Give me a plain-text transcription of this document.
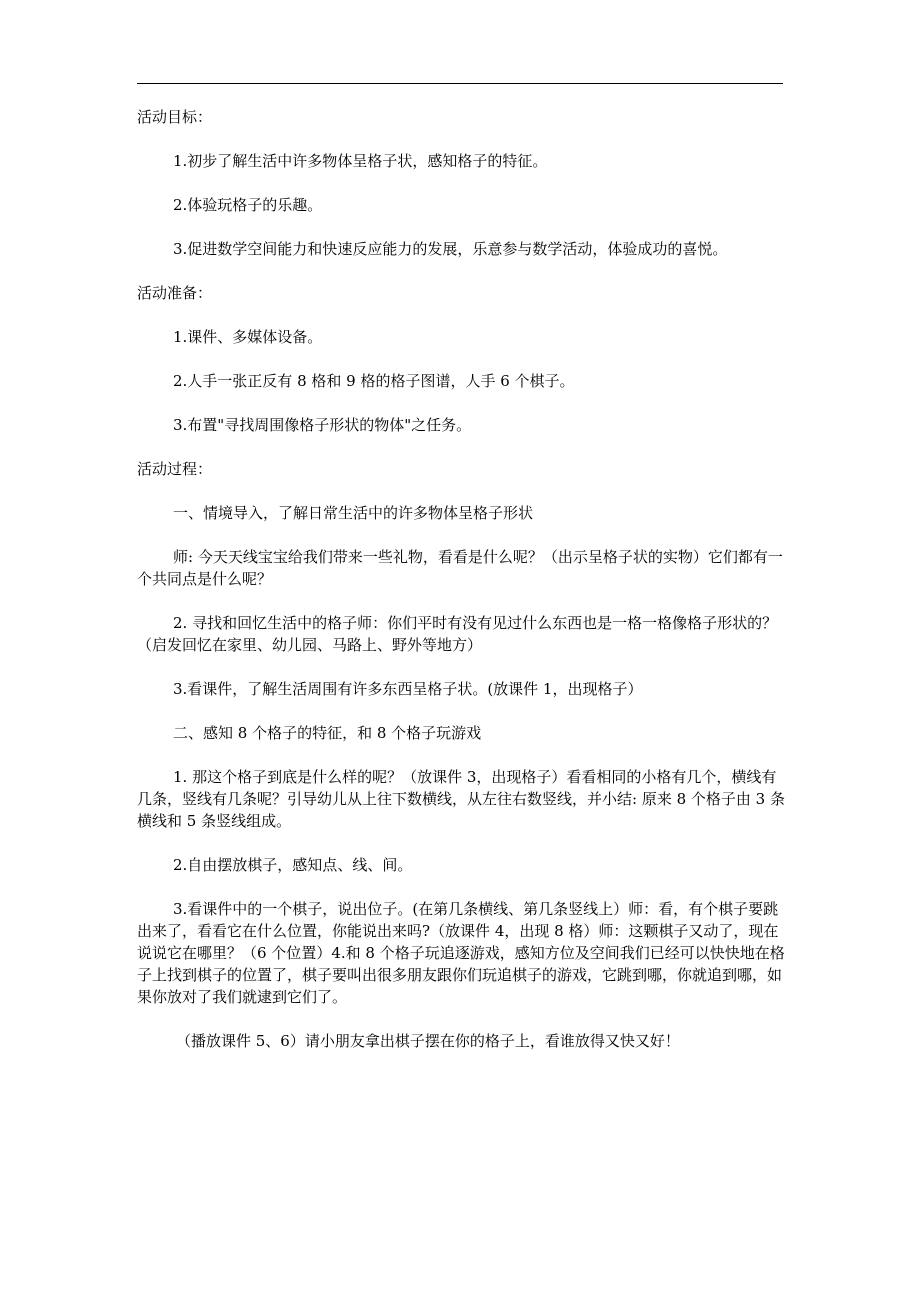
活动目标：

1.初步了解生活中许多物体呈格子状，感知格子的特征。

2.体验玩格子的乐趣。

3.促进数学空间能力和快速反应能力的发展，乐意参与数学活动，体验成功的喜悦。

活动准备：

1.课件、多媒体设备。

2.人手一张正反有 8 格和 9 格的格子图谱，人手 6 个棋子。

3.布置"寻找周围像格子形状的物体"之任务。

活动过程：

一、情境导入，了解日常生活中的许多物体呈格子形状

师: 今天天线宝宝给我们带来一些礼物，看看是什么呢？（出示呈格子状的实物）它们都有一个共同点是什么呢？

2. 寻找和回忆生活中的格子师：你们平时有没有见过什么东西也是一格一格像格子形状的？（启发回忆在家里、幼儿园、马路上、野外等地方）

3.看课件，了解生活周围有许多东西呈格子状。(放课件 1，出现格子）

二、感知 8 个格子的特征，和 8 个格子玩游戏

1. 那这个格子到底是什么样的呢？（放课件 3，出现格子）看看相同的小格有几个，横线有几条，竖线有几条呢？引导幼儿从上往下数横线，从左往右数竖线，并小结: 原来 8 个格子由 3 条横线和 5 条竖线组成。

2.自由摆放棋子，感知点、线、间。

3.看课件中的一个棋子，说出位子。(在第几条横线、第几条竖线上）师：看，有个棋子要跳出来了，看看它在什么位置，你能说出来吗?（放课件 4，出现 8 格）师：这颗棋子又动了，现在说说它在哪里？（6 个位置）4.和 8 个格子玩追逐游戏，感知方位及空间我们已经可以快快地在格子上找到棋子的位置了，棋子要叫出很多朋友跟你们玩追棋子的游戏，它跳到哪，你就追到哪，如果你放对了我们就逮到它们了。

（播放课件 5、6）请小朋友拿出棋子摆在你的格子上，看谁放得又快又好！
